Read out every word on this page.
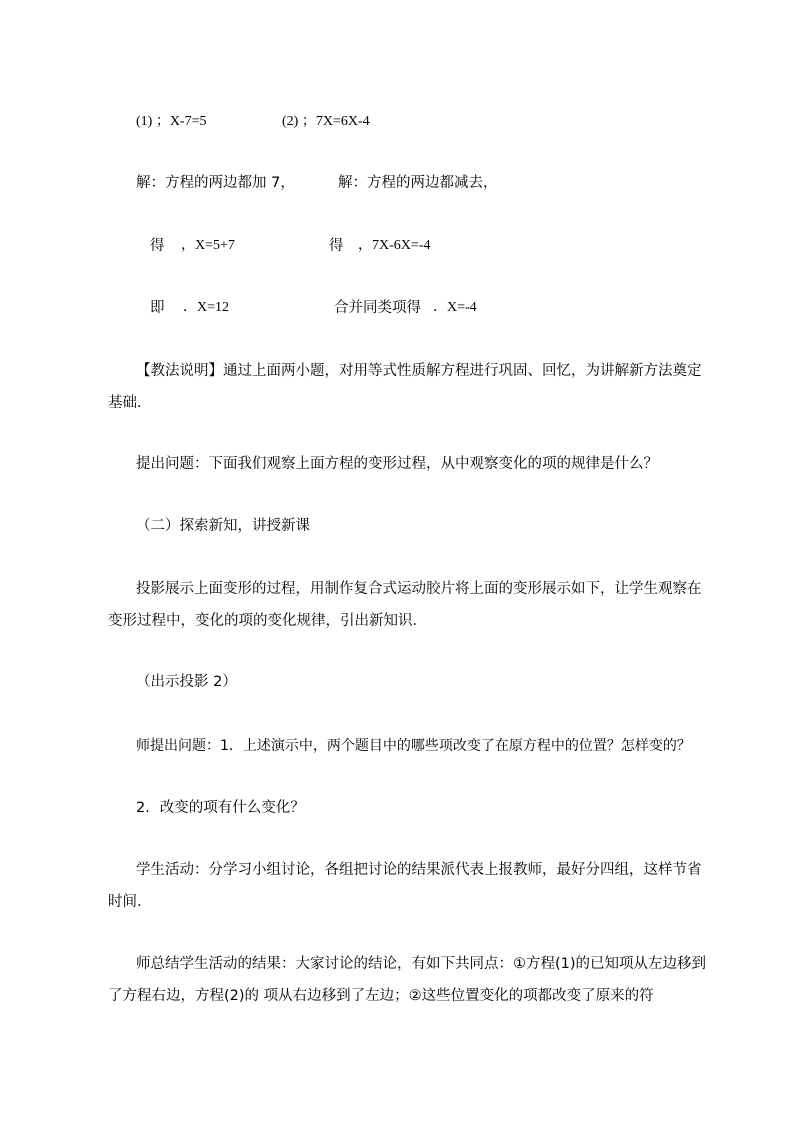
(1) ；X-7=5	(2) ；7X=6X-4
解：方程的两边都加 7，	解：方程的两边都减去，
得 ，X=5+7	得 ，7X-6X=-4
即 ．X=12	合并同类项得 ．X=-4
【教法说明】通过上面两小题，对用等式性质解方程进行巩固、回忆，为讲解新方法奠定基础．
提出问题：下面我们观察上面方程的变形过程，从中观察变化的项的规律是什么？
（二）探索新知，讲授新课
投影展示上面变形的过程，用制作复合式运动胶片将上面的变形展示如下，让学生观察在变形过程中，变化的项的变化规律，引出新知识．
（出示投影 2）
师提出问题：1．上述演示中，两个题目中的哪些项改变了在原方程中的位置？怎样变的？
2．改变的项有什么变化？
学生活动：分学习小组讨论，各组把讨论的结果派代表上报教师，最好分四组，这样节省时间．
师总结学生活动的结果：大家讨论的结论，有如下共同点：①方程(1)的已知项从左边移到了方程右边，方程(2)的 项从右边移到了左边；②这些位置变化的项都改变了原来的符
